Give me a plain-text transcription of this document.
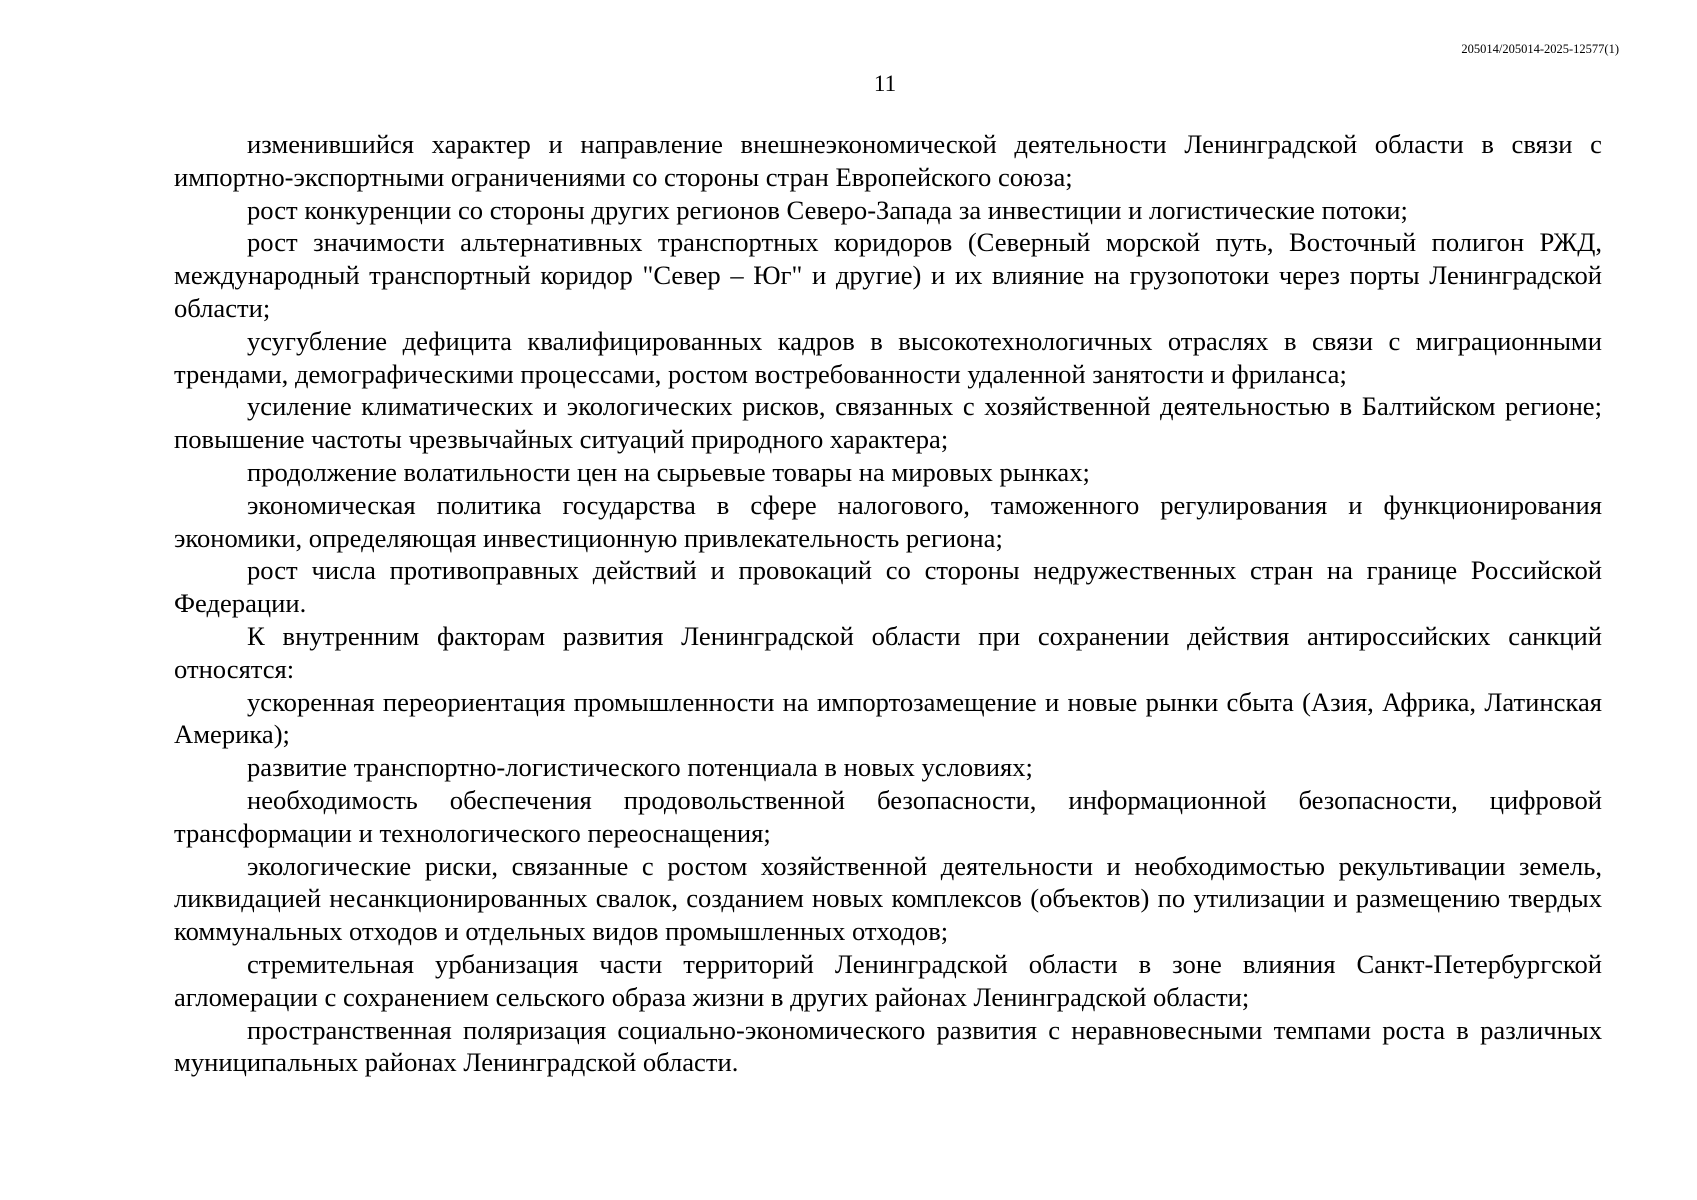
205014/205014-2025-12577(1)
11

изменившийся характер и направление внешнеэкономической деятельности Ленинградской области в связи с импортно-экспортными ограничениями со стороны стран Европейского союза;

рост конкуренции со стороны других регионов Северо-Запада за инвестиции и логистические потоки;

рост значимости альтернативных транспортных коридоров (Северный морской путь, Восточный полигон РЖД, международный транспортный коридор "Север – Юг" и другие) и их влияние на грузопотоки через порты Ленинградской области;

усугубление дефицита квалифицированных кадров в высокотехнологичных отраслях в связи с миграционными трендами, демографическими процессами, ростом востребованности удаленной занятости и фриланса;

усиление климатических и экологических рисков, связанных с хозяйственной деятельностью в Балтийском регионе; повышение частоты чрезвычайных ситуаций природного характера;

продолжение волатильности цен на сырьевые товары на мировых рынках;

экономическая политика государства в сфере налогового, таможенного регулирования и функционирования экономики, определяющая инвестиционную привлекательность региона;

рост числа противоправных действий и провокаций со стороны недружественных стран на границе Российской Федерации.

К внутренним факторам развития Ленинградской области при сохранении действия антироссийских санкций относятся:

ускоренная переориентация промышленности на импортозамещение и новые рынки сбыта (Азия, Африка, Латинская Америка);

развитие транспортно-логистического потенциала в новых условиях;

необходимость обеспечения продовольственной безопасности, информационной безопасности, цифровой трансформации и технологического переоснащения;

экологические риски, связанные с ростом хозяйственной деятельности и необходимостью рекультивации земель, ликвидацией несанкционированных свалок, созданием новых комплексов (объектов) по утилизации и размещению твердых коммунальных отходов и отдельных видов промышленных отходов;

стремительная урбанизация части территорий Ленинградской области в зоне влияния Санкт-Петербургской агломерации с сохранением сельского образа жизни в других районах Ленинградской области;

пространственная поляризация социально-экономического развития с неравновесными темпами роста в различных муниципальных районах Ленинградской области.
